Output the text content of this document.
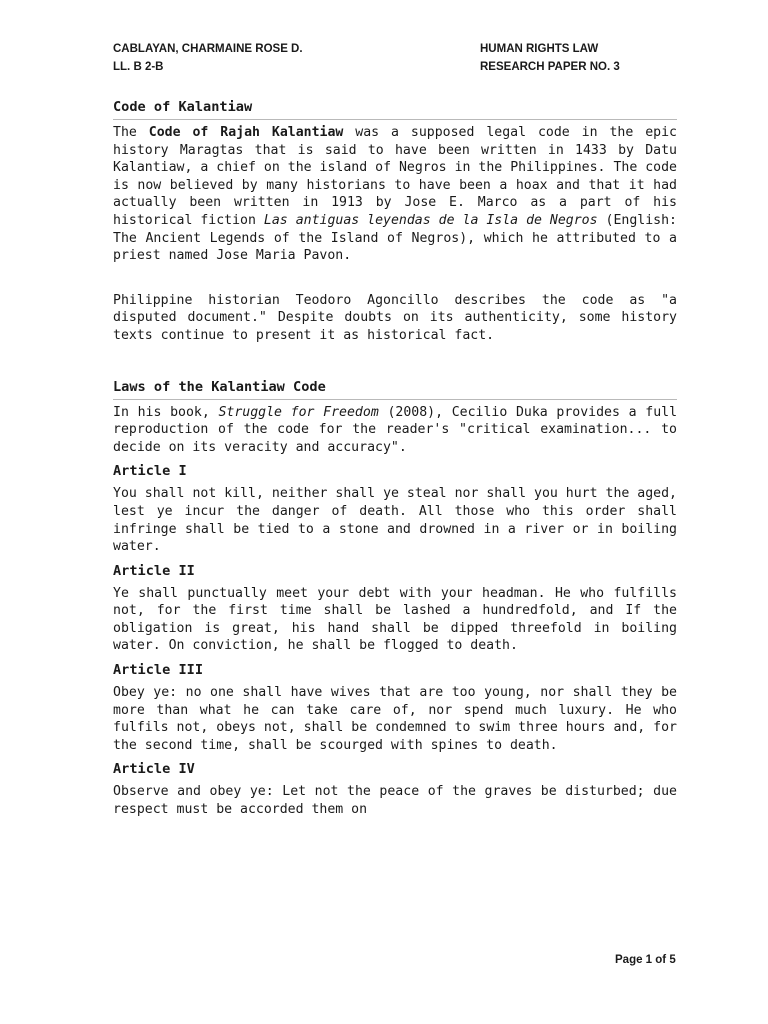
CABLAYAN, CHARMAINE ROSE D.	HUMAN RIGHTS LAW
LL. B 2-B	RESEARCH PAPER NO. 3
Code of Kalantiaw

The Code of Rajah Kalantiaw was a supposed legal code in the epic history Maragtas that is said to have been written in 1433 by Datu Kalantiaw, a chief on the island of Negros in the Philippines. The code is now believed by many historians to have been a hoax and that it had actually been written in 1913 by Jose E. Marco as a part of his historical fiction Las antiguas leyendas de la Isla de Negros (English: The Ancient Legends of the Island of Negros), which he attributed to a priest named Jose Maria Pavon.

Philippine historian Teodoro Agoncillo describes the code as "a disputed document." Despite doubts on its authenticity, some history texts continue to present it as historical fact.

Laws of the Kalantiaw Code

In his book, Struggle for Freedom (2008), Cecilio Duka provides a full reproduction of the code for the reader's "critical examination... to decide on its veracity and accuracy".

Article I

You shall not kill, neither shall ye steal nor shall you hurt the aged, lest ye incur the danger of death. All those who this order shall infringe shall be tied to a stone and drowned in a river or in boiling water.

Article II

Ye shall punctually meet your debt with your headman. He who fulfills not, for the first time shall be lashed a hundredfold, and If the obligation is great, his hand shall be dipped threefold in boiling water. On conviction, he shall be flogged to death.

Article III

Obey ye: no one shall have wives that are too young, nor shall they be more than what he can take care of, nor spend much luxury. He who fulfils not, obeys not, shall be condemned to swim three hours and, for the second time, shall be scourged with spines to death.

Article IV

Observe and obey ye: Let not the peace of the graves be disturbed; due respect must be accorded them on

Page 1 of 5
